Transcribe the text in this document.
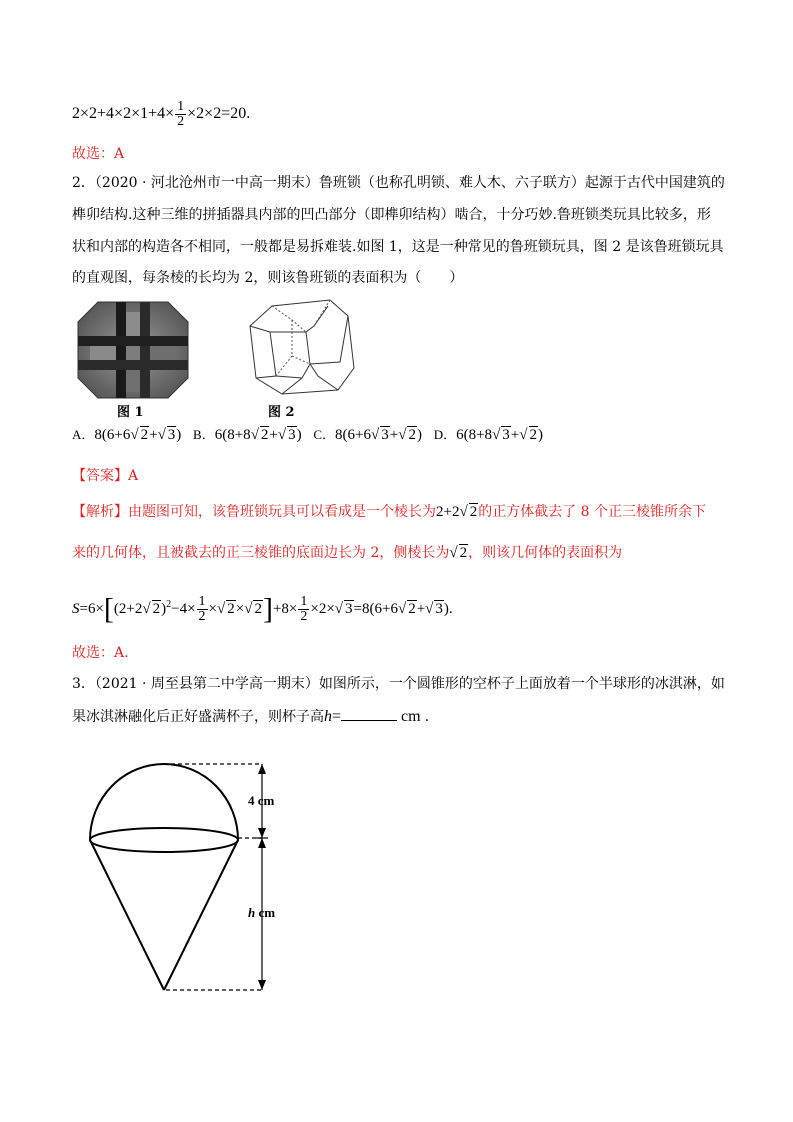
$2\times 2+4\times 2\times 1+4\times \frac{1}{2} \times 2\times 2=20$.
故选：A
2．（2020 · 河北沧州市一中高一期末）鲁班锁（也称孔明锁、难人木、六子联方）起源于古代中国建筑的
榫卯结构.这种三维的拼插器具内部的凹凸部分（即榫卯结构）啮合，十分巧妙.鲁班锁类玩具比较多，形
状和内部的构造各不相同，一般都是易拆难装.如图 1，这是一种常见的鲁班锁玩具，图 2 是该鲁班锁玩具
的直观图，每条棱的长均为 2，则该鲁班锁的表面积为（　　）
图 1	图 2
A．8(6+6√ 2+√ 3) B．6(8+8√ 2+√ 3) C．8(6+6√ 3+√ 2) D．6(8+8√ 3+√ 2)
【答案】A
【解析】由题图可知，该鲁班锁玩具可以看成是一个棱长为2+2√ 2的正方体截去了 8 个正三棱锥所余下
来的几何体，且被截去的正三棱锥的底面边长为 2，侧棱长为√ 2，则该几何体的表面积为
S=6×[(2+2√ $2)^2-4\times \frac{1}{2}$ ×√ 2×√ $2]+8\times \frac{1}{2} \times 2\times√$ 3=8(6+6√ 2+√ 3).
故选：A.
3．（2021 · 周至县第二中学高一期末）如图所示，一个圆锥形的空杯子上面放着一个半球形的冰淇淋，如
果冰淇淋融化后正好盛满杯子，则杯子高h=	cm .
4 cm
h cm
